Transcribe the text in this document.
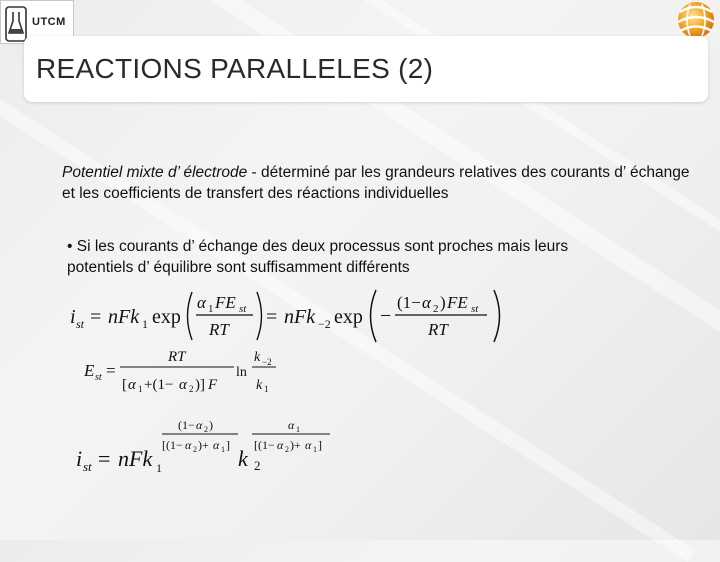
UTCM
REACTIONS PARALLELES (2)
Potentiel mixte d’ électrode - déterminé par les grandeurs relatives des courants d’ échange et les coefficients de transfert des réactions individuelles
• Si les courants d’ échange des deux processus sont proches mais leurs potentiels d’ équilibre sont suffisamment différents
i st = nFk 1 exp
α 1 FE st
RT
= nFk −2 exp −
(1− α 2 ) FE st
RT
E st =
RT
[ α 1 +(1− α 2 )] F
ln
k −2
k 1
i st = nFk 1
(1− α 2 )
[(1− α 2 )+ α 1 ]
k 2
α 1
[(1− α 2 )+ α 1 ]
